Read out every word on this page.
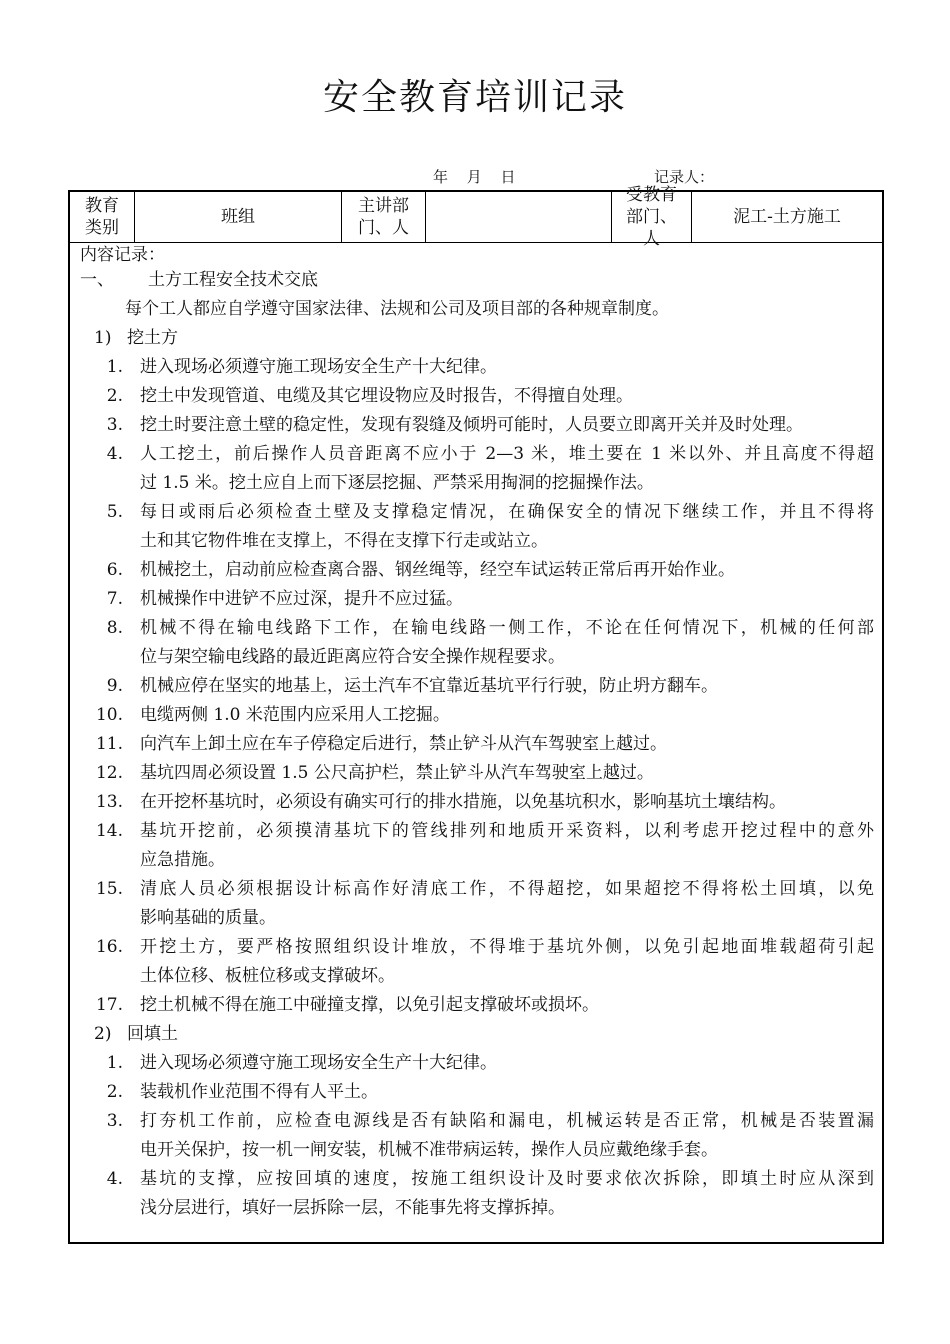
安全教育培训记录
年 月 日	记录人：
教育类别
班组
主讲部门、人
受教育部门、人
泥工-土方施工
内容记录：
一、 土方工程安全技术交底
每个工人都应自学遵守国家法律、法规和公司及项目部的各种规章制度。
1) 挖土方
1. 进入现场必须遵守施工现场安全生产十大纪律。
2. 挖土中发现管道、电缆及其它埋设物应及时报告，不得擅自处理。
3. 挖土时要注意土壁的稳定性，发现有裂缝及倾坍可能时，人员要立即离开关并及时处理。
4. 人工挖土，前后操作人员音距离不应小于 2—3 米，堆土要在 1 米以外、并且高度不得超
过 1.5 米。挖土应自上而下逐层挖掘、严禁采用掏洞的挖掘操作法。
5. 每日或雨后必须检查土壁及支撑稳定情况，在确保安全的情况下继续工作，并且不得将
土和其它物件堆在支撑上，不得在支撑下行走或站立。
6. 机械挖土，启动前应检查离合器、钢丝绳等，经空车试运转正常后再开始作业。
7. 机械操作中进铲不应过深，提升不应过猛。
8. 机械不得在输电线路下工作，在输电线路一侧工作，不论在任何情况下，机械的任何部
位与架空输电线路的最近距离应符合安全操作规程要求。
9. 机械应停在坚实的地基上，运土汽车不宜靠近基坑平行行驶，防止坍方翻车。
10. 电缆两侧 1.0 米范围内应采用人工挖掘。
11. 向汽车上卸土应在车子停稳定后进行，禁止铲斗从汽车驾驶室上越过。
12. 基坑四周必须设置 1.5 公尺高护栏，禁止铲斗从汽车驾驶室上越过。
13. 在开挖杯基坑时，必须设有确实可行的排水措施，以免基坑积水，影响基坑土壤结构。
14. 基坑开挖前，必须摸清基坑下的管线排列和地质开采资料，以利考虑开挖过程中的意外
应急措施。
15. 清底人员必须根据设计标高作好清底工作，不得超挖，如果超挖不得将松土回填，以免
影响基础的质量。
16. 开挖土方，要严格按照组织设计堆放，不得堆于基坑外侧，以免引起地面堆载超荷引起
土体位移、板桩位移或支撑破坏。
17. 挖土机械不得在施工中碰撞支撑，以免引起支撑破坏或损坏。
2) 回填土
1. 进入现场必须遵守施工现场安全生产十大纪律。
2. 装载机作业范围不得有人平土。
3. 打夯机工作前，应检查电源线是否有缺陷和漏电，机械运转是否正常，机械是否装置漏
电开关保护，按一机一闸安装，机械不准带病运转，操作人员应戴绝缘手套。
4. 基坑的支撑，应按回填的速度，按施工组织设计及时要求依次拆除，即填土时应从深到
浅分层进行，填好一层拆除一层，不能事先将支撑拆掉。
